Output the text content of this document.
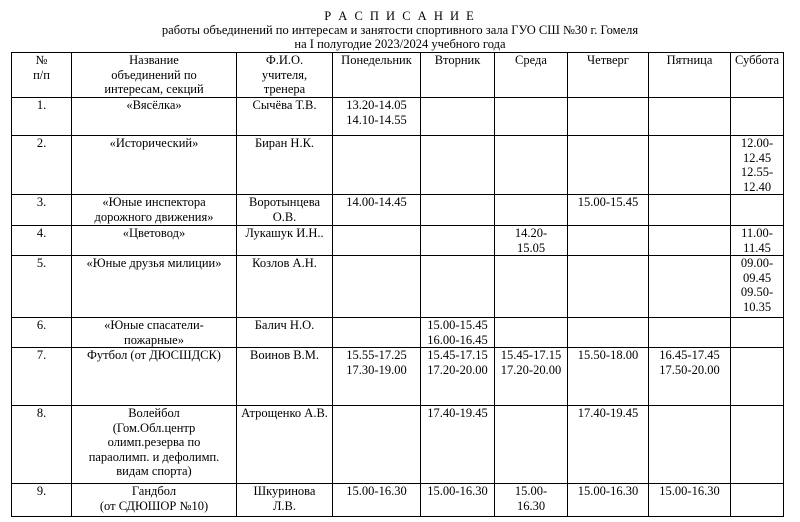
Р А С П И С А Н И Е
работы объединений по интересам и занятости спортивного зала ГУО СШ №30 г. Гомеля
на I полугодие 2023/2024 учебного года
№
п/п	Название
объединений по
интересам, секций	Ф.И.О.
учителя,
тренера	Понедельник	Вторник	Среда	Четверг	Пятница	Суббота

1.	«Вясёлка»	Сычёва Т.В.	13.20-14.05
14.10-14.55					

2.	«Исторический»	Биран Н.К.						12.00-
12.45
12.55-
12.40

3.	«Юные инспектора
дорожного движения»	Воротынцева
О.В.	14.00-14.45			15.00-15.45		

4.	«Цветовод»	Лукашук И.Н..			14.20-
15.05			11.00-
11.45

5.	«Юные друзья милиции»	Козлов А.Н.						09.00-
09.45
09.50-
10.35

6.	«Юные спасатели-
пожарные»	Балич Н.О.		15.00-15.45
16.00-16.45				

7.	Футбол (от ДЮСШДСК)	Воинов В.М.	15.55-17.25
17.30-19.00	15.45-17.15
17.20-20.00	15.45-17.15
17.20-20.00	15.50-18.00	16.45-17.45
17.50-20.00	

8.	Волейбол
(Гом.Обл.центр
олимп.резерва по
параолимп. и дефолимп.
видам спорта)	Атрощенко А.В.		17.40-19.45		17.40-19.45		

9.	Гандбол
(от СДЮШОР №10)	Шкуринова
Л.В.	15.00-16.30	15.00-16.30	15.00-
16.30	15.00-16.30	15.00-16.30	
